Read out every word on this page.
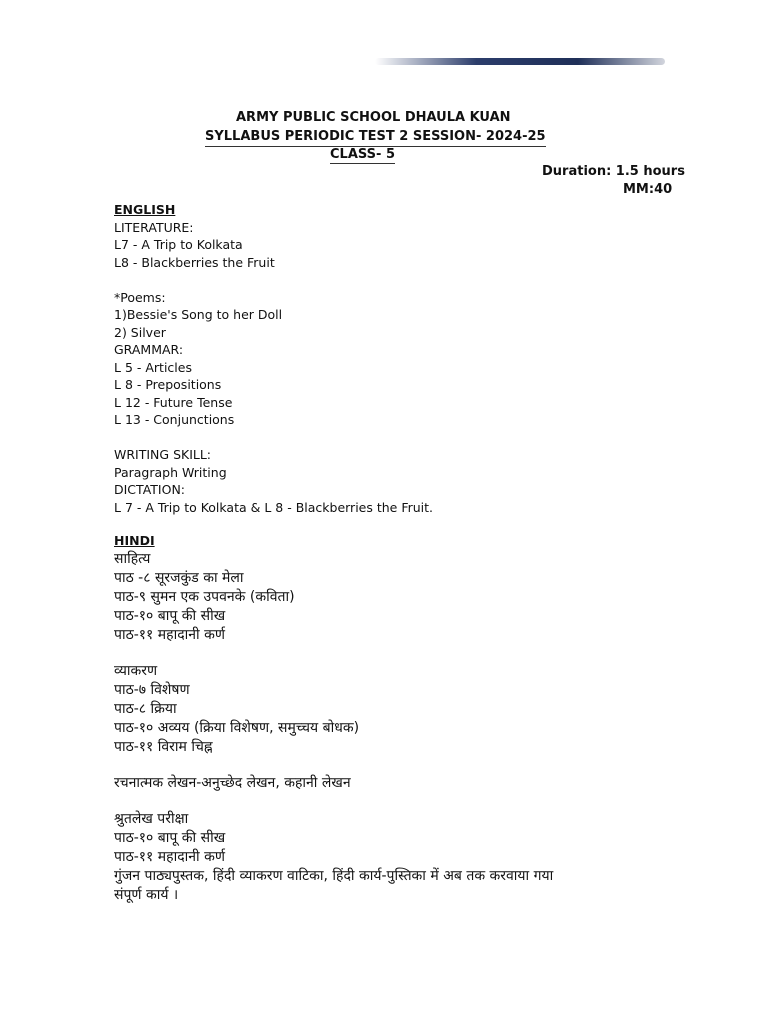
ARMY PUBLIC SCHOOL DHAULA KUAN
SYLLABUS PERIODIC TEST 2 SESSION- 2024-25
CLASS- 5
Duration: 1.5 hours
MM:40
ENGLISH
LITERATURE:
L7 - A Trip to Kolkata
L8 - Blackberries the Fruit
*Poems:
1)Bessie's Song to her Doll
2) Silver
GRAMMAR:
L 5 - Articles
L 8 - Prepositions
L 12 - Future Tense
L 13 - Conjunctions
WRITING SKILL:
Paragraph Writing
DICTATION:
L 7 - A Trip to Kolkata & L 8 - Blackberries the Fruit.
HINDI
साहित्य
पाठ -८ सूरजकुंड का मेला
पाठ-९ सुमन एक उपवनके (कविता)
पाठ-१० बापू की सीख
पाठ-११ महादानी कर्ण
व्याकरण
पाठ-७ विशेषण
पाठ-८ क्रिया
पाठ-१० अव्यय (क्रिया विशेषण, समुच्चय बोधक)
पाठ-११ विराम चिह्न
रचनात्मक लेखन-अनुच्छेद लेखन, कहानी लेखन
श्रुतलेख परीक्षा
पाठ-१० बापू की सीख
पाठ-११ महादानी कर्ण
गुंजन पाठ्यपुस्तक, हिंदी व्याकरण वाटिका, हिंदी कार्य-पुस्तिका में अब तक करवाया गया
संपूर्ण कार्य ।
